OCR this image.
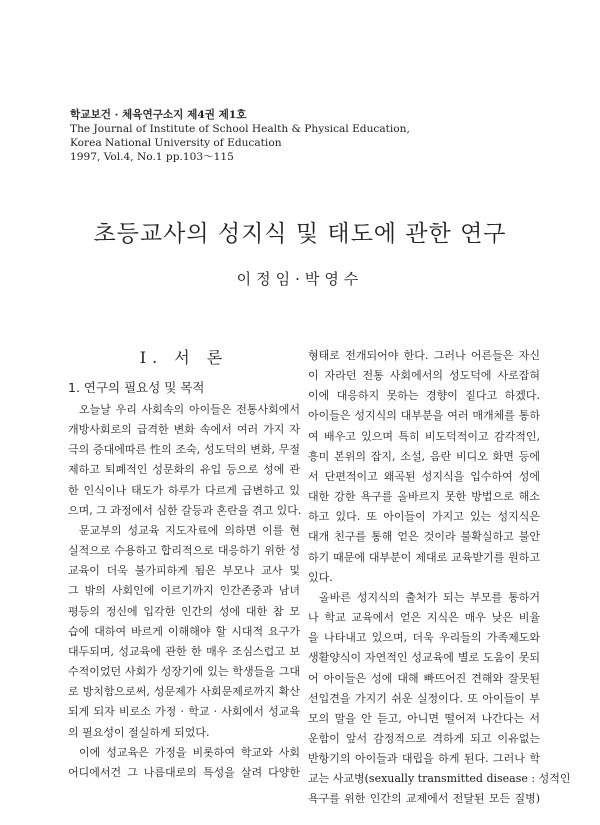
학교보건 · 체육연구소지 제4권 제1호
The Journal of Institute of School Health & Physical Education,
Korea National University of Education
1997, Vol.4, No.1 pp.103～115
초등교사의 성지식 및 태도에 관한 연구
이정임·박영수
I. 서 론
1. 연구의 필요성 및 목적

오늘날 우리 사회속의 아이들은 전통사회에서

개방사회로의 급격한 변화 속에서 여러 가지 자

극의 증대에따른 性의 조숙, 성도덕의 변화, 무절

제하고 퇴폐적인 성문화의 유입 등으로 성에 관

한 인식이나 태도가 하루가 다르게 급변하고 있

으며, 그 과정에서 심한 갈등과 혼란을 겪고 있다.

문교부의 성교육 지도자료에 의하면 이를 현

실적으로 수용하고 합리적으로 대응하기 위한 성

교육이 더욱 불가피하게 됨은 부모나 교사 및

그 밖의 사회인에 이르기까지 인간존중과 남녀

평등의 정신에 입각한 인간의 성에 대한 참 모

습에 대하여 바르게 이해해야 할 시대적 요구가

대두되며, 성교육에 관한 한 매우 조심스럽고 보

수적이었던 사회가 성장기에 있는 학생들을 그대

로 방치함으로써, 성문제가 사회문제로까지 확산

되게 되자 비로소 가정 · 학교 · 사회에서 성교육

의 필요성이 절실하게 되었다.

이에 성교육은 가정을 비롯하여 학교와 사회

어디에서건 그 나름대로의 특성을 살려 다양한

형태로 전개되어야 한다. 그러나 어른들은 자신

이 자라던 전통 사회에서의 성도덕에 사로잡혀

이에 대응하지 못하는 경향이 짙다고 하겠다.

아이들은 성지식의 대부분을 여러 매개체를 통하

여 배우고 있으며 특히 비도덕적이고 감각적인,

흥미 본위의 잡지, 소설, 음란 비디오 화면 등에

서 단편적이고 왜곡된 성지식을 입수하여 성에

대한 강한 욕구를 올바르지 못한 방법으로 해소

하고 있다. 또 아이들이 가지고 있는 성지식은

대개 친구를 통해 얻은 것이라 불확실하고 불안

하기 때문에 대부분이 제대로 교육받기를 원하고

있다.

올바른 성지식의 출처가 되는 부모를 통하거

나 학교 교육에서 얻은 지식은 매우 낮은 비율

을 나타내고 있으며, 더욱 우리들의 가족제도와

생활양식이 자연적인 성교육에 별로 도움이 못되

어 아이들은 성에 대해 빠뜨어진 견해와 잘못된

선입견을 가지기 쉬운 실정이다. 또 아이들이 부

모의 말을 안 듣고, 아니면 떨어져 나간다는 서

운함이 앞서 감정적으로 격하게 되고 이유없는

반항기의 아이들과 대립을 하게 된다. 그러나 학

교는 사교병(sexually transmitted disease : 성적인

욕구를 위한 인간의 교제에서 전달된 모든 질병)
